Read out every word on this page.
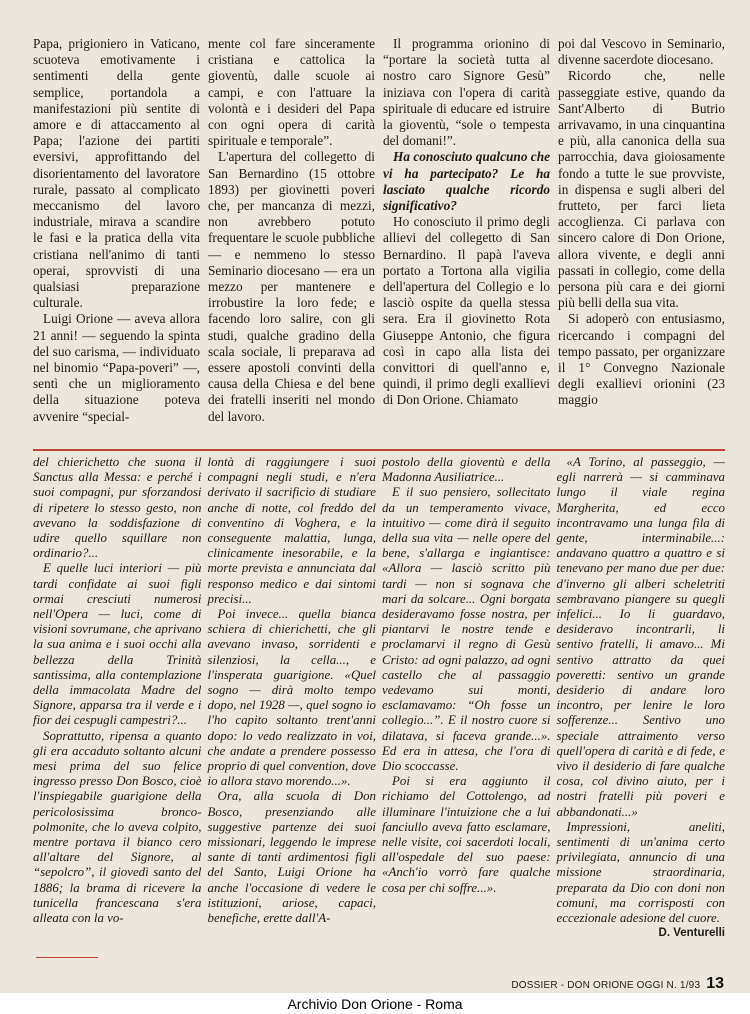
Papa, prigioniero in Vaticano, scuoteva emotivamente i sentimenti della gente semplice, portandola a manifestazioni più sentite di amore e di attaccamento al Papa; l'azione dei partiti eversivi, approfittando del disorientamento del lavoratore rurale, passato al complicato meccanismo del lavoro industriale, mirava a scandire le fasi e la pratica della vita cristiana nell'animo di tanti operai, sprovvisti di una qualsiasi preparazione culturale.

Luigi Orione — aveva allora 21 anni! — seguendo la spinta del suo carisma, — individuato nel binomio “Papa-poveri” —, sentì che un miglioramento della situazione poteva avvenire “special-

mente col fare sinceramente cristiana e cattolica la gioventù, dalle scuole ai campi, e con l'attuare la volontà e i desideri del Papa con ogni opera di carità spirituale e temporale”.

L'apertura del collegetto di San Bernardino (15 ottobre 1893) per giovinetti poveri che, per mancanza di mezzi, non avrebbero potuto frequentare le scuole pubbliche — e nemmeno lo stesso Seminario diocesano — era un mezzo per mantenere e irrobustire la loro fede; e facendo loro salire, con gli studi, qualche gradino della scala sociale, li preparava ad essere apostoli convinti della causa della Chiesa e del bene dei fratelli inseriti nel mondo del lavoro.

Il programma orionino di “portare la società tutta al nostro caro Signore Gesù” iniziava con l'opera di carità spirituale di educare ed istruire la gioventù, “sole o tempesta del domani!”.

Ha conosciuto qualcuno che vi ha partecipato? Le ha lasciato qualche ricordo significativo?

Ho conosciuto il primo degli allievi del collegetto di San Bernardino. Il papà l'aveva portato a Tortona alla vigilia dell'apertura del Collegio e lo lasciò ospite da quella stessa sera. Era il giovinetto Rota Giuseppe Antonio, che figura così in capo alla lista dei convittori di quell'anno e, quindi, il primo degli exallievi di Don Orione. Chiamato

poi dal Vescovo in Seminario, divenne sacerdote diocesano.

Ricordo che, nelle passeggiate estive, quando da Sant'Alberto di Butrio arrivavamo, in una cinquantina e più, alla canonica della sua parrocchia, dava gioiosamente fondo a tutte le sue provviste, in dispensa e sugli alberi del frutteto, per farci lieta accoglienza. Ci parlava con sincero calore di Don Orione, allora vivente, e degli anni passati in collegio, come della persona più cara e dei giorni più belli della sua vita.

Si adoperò con entusiasmo, ricercando i compagni del tempo passato, per organizzare il 1° Convegno Nazionale degli exallievi orionini (23 maggio

del chierichetto che suona il Sanctus alla Messa: e perché i suoi compagni, pur sforzandosi di ripetere lo stesso gesto, non avevano la soddisfazione di udire quello squillare non ordinario?...

E quelle luci interiori — più tardi confidate ai suoi figli ormai cresciuti numerosi nell'Opera — luci, come di visioni sovrumane, che aprivano la sua anima e i suoi occhi alla bellezza della Trinità santissima, alla contemplazione della immacolata Madre del Signore, apparsa tra il verde e i fior dei cespugli campestri?...

Soprattutto, ripensa a quanto gli era accaduto soltanto alcuni mesi prima del suo felice ingresso presso Don Bosco, cioè l'inspiegabile guarigione della pericolosissima bronco-polmonite, che lo aveva colpito, mentre portava il bianco cero all'altare del Signore, al “sepolcro”, il giovedì santo del 1886; la brama di ricevere la tunicella francescana s'era alleata con la vo-

lontà di raggiungere i suoi compagni negli studi, e n'era derivato il sacrificio di studiare anche di notte, col freddo del conventino di Voghera, e la conseguente malattia, lunga, clinicamente inesorabile, e la morte prevista e annunciata dal responso medico e dai sintomi precisi...

Poi invece... quella bianca schiera di chierichetti, che gli avevano invaso, sorridenti e silenziosi, la cella..., e l'insperata guarigione. «Quel sogno — dirà molto tempo dopo, nel 1928 —, quel sogno io l'ho capito soltanto trent'anni dopo: lo vedo realizzato in voi, che andate a prendere possesso proprio di quel convention, dove io allora stavo morendo...».

Ora, alla scuola di Don Bosco, presenziando alle suggestive partenze dei suoi missionari, leggendo le imprese sante di tanti ardimentosi figli del Santo, Luigi Orione ha anche l'occasione di vedere le istituzioni, ariose, capaci, benefiche, erette dall'A-

postolo della gioventù e della Madonna Ausiliatrice...

E il suo pensiero, sollecitato da un temperamento vivace, intuitivo — come dirà il seguito della sua vita — nelle opere del bene, s'allarga e ingiantisce: «Allora — lasciò scritto più tardi — non si sognava che mari da solcare... Ogni borgata desideravamo fosse nostra, per piantarvi le nostre tende e proclamarvi il regno di Gesù Cristo: ad ogni palazzo, ad ogni castello che al passaggio vedevamo sui monti, esclamavamo: “Oh fosse un collegio...”. E il nostro cuore si dilatava, si faceva grande...». Ed era in attesa, che l'ora di Dio scoccasse.

Poi si era aggiunto il richiamo del Cottolengo, ad illuminare l'intuizione che a lui fanciullo aveva fatto esclamare, nelle visite, coi sacerdoti locali, all'ospedale del suo paese: «Anch'io vorrò fare qualche cosa per chi soffre...».

«A Torino, al passeggio, — egli narrerà — si camminava lungo il viale regina Margherita, ed ecco incontravamo una lunga fila di gente, interminabile...: andavano quattro a quattro e si tenevano per mano due per due: d'inverno gli alberi scheletriti sembravano piangere su quegli infelici... Io li guardavo, desideravo incontrarli, li sentivo fratelli, li amavo... Mi sentivo attratto da quei poveretti: sentivo un grande desiderio di andare loro incontro, per lenire le loro sofferenze... Sentivo uno speciale attraimento verso quell'opera di carità e di fede, e vivo il desiderio di fare qualche cosa, col divino aiuto, per i nostri fratelli più poveri e abbandonati...»

Impressioni, aneliti, sentimenti di un'anima certo privilegiata, annuncio di una missione straordinaria, preparata da Dio con doni non comuni, ma corrisposti con eccezionale adesione del cuore.

D. Venturelli

DOSSIER - DON ORIONE OGGI N. 1/93 13
Archivio Don Orione - Roma
